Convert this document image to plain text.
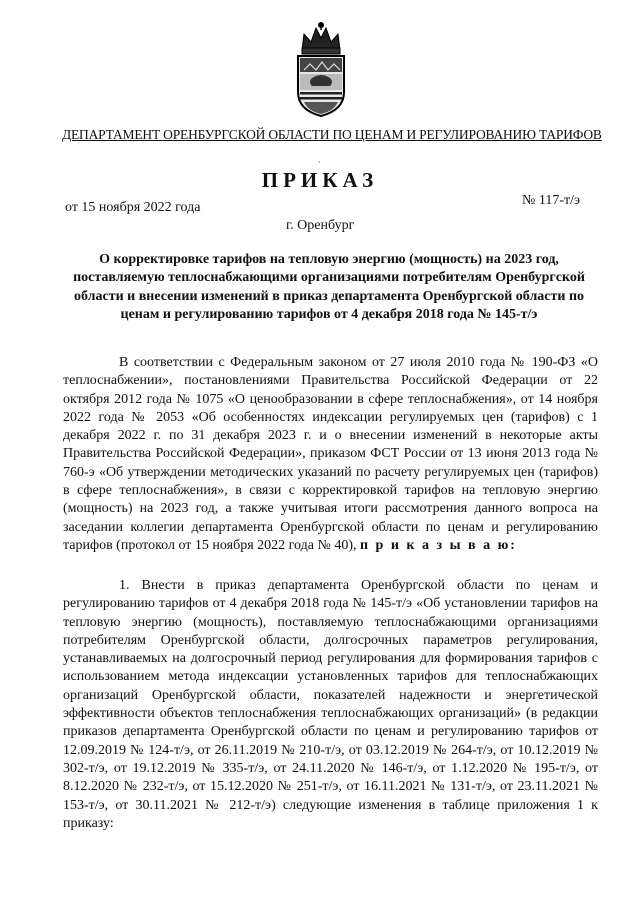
ДЕПАРТАМЕНТ ОРЕНБУРГСКОЙ ОБЛАСТИ ПО ЦЕНАМ И РЕГУЛИРОВАНИЮ ТАРИФОВ
·
ПРИКАЗ
от 15 ноября 2022 года	№ 117-т/э
г. Оренбург
О корректировке тарифов на тепловую энергию (мощность) на 2023 год, поставляемую теплоснабжающими организациями потребителям Оренбургской области и внесении изменений в приказ департамента Оренбургской области по ценам и регулированию тарифов от 4 декабря 2018 года № 145-т/э
В соответствии с Федеральным законом от 27 июля 2010 года № 190-ФЗ «О теплоснабжении», постановлениями Правительства Российской Федерации от 22 октября 2012 года № 1075 «О ценообразовании в сфере теплоснабжения», от 14 ноября 2022 года № 2053 «Об особенностях индексации регулируемых цен (тарифов) с 1 декабря 2022 г. по 31 декабря 2023 г. и о внесении изменений в некоторые акты Правительства Российской Федерации», приказом ФСТ России от 13 июня 2013 года № 760-э «Об утверждении методических указаний по расчету регулируемых цен (тарифов) в сфере теплоснабжения», в связи с корректировкой тарифов на тепловую энергию (мощность) на 2023 год, а также учитывая итоги рассмотрения данного вопроса на заседании коллегии департамента Оренбургской области по ценам и регулированию тарифов (протокол от 15 ноября 2022 года № 40), п р и к а з ы в а ю:
1. Внести в приказ департамента Оренбургской области по ценам и регулированию тарифов от 4 декабря 2018 года № 145-т/э «Об установлении тарифов на тепловую энергию (мощность), поставляемую теплоснабжающими организациями потребителям Оренбургской области, долгосрочных параметров регулирования, устанавливаемых на долгосрочный период регулирования для формирования тарифов с использованием метода индексации установленных тарифов для теплоснабжающих организаций Оренбургской области, показателей надежности и энергетической эффективности объектов теплоснабжения теплоснабжающих организаций» (в редакции приказов департамента Оренбургской области по ценам и регулированию тарифов от 12.09.2019 № 124-т/э, от 26.11.2019 № 210-т/э, от 03.12.2019 № 264-т/э, от 10.12.2019 № 302-т/э, от 19.12.2019 № 335-т/э, от 24.11.2020 № 146-т/э, от 1.12.2020 № 195-т/э, от 8.12.2020 № 232-т/э, от 15.12.2020 № 251-т/э, от 16.11.2021 № 131-т/э, от 23.11.2021 № 153-т/э, от 30.11.2021 № 212-т/э) следующие изменения в таблице приложения 1 к приказу:
